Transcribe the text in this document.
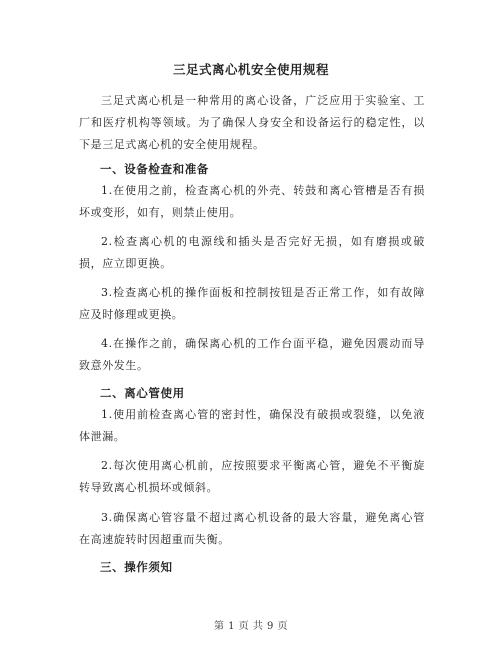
三足式离心机安全使用规程

三足式离心机是一种常用的离心设备，广泛应用于实验室、工厂和医疗机构等领域。为了确保人身安全和设备运行的稳定性，以下是三足式离心机的安全使用规程。

一、设备检查和准备

1.在使用之前，检查离心机的外壳、转鼓和离心管槽是否有损坏或变形，如有，则禁止使用。

2.检查离心机的电源线和插头是否完好无损，如有磨损或破损，应立即更换。

3.检查离心机的操作面板和控制按钮是否正常工作，如有故障应及时修理或更换。

4.在操作之前，确保离心机的工作台面平稳，避免因震动而导致意外发生。

二、离心管使用

1.使用前检查离心管的密封性，确保没有破损或裂缝，以免液体泄漏。

2.每次使用离心机前，应按照要求平衡离心管，避免不平衡旋转导致离心机损坏或倾斜。

3.确保离心管容量不超过离心机设备的最大容量，避免离心管在高速旋转时因超重而失衡。

三、操作须知

第 1 页 共 9 页
